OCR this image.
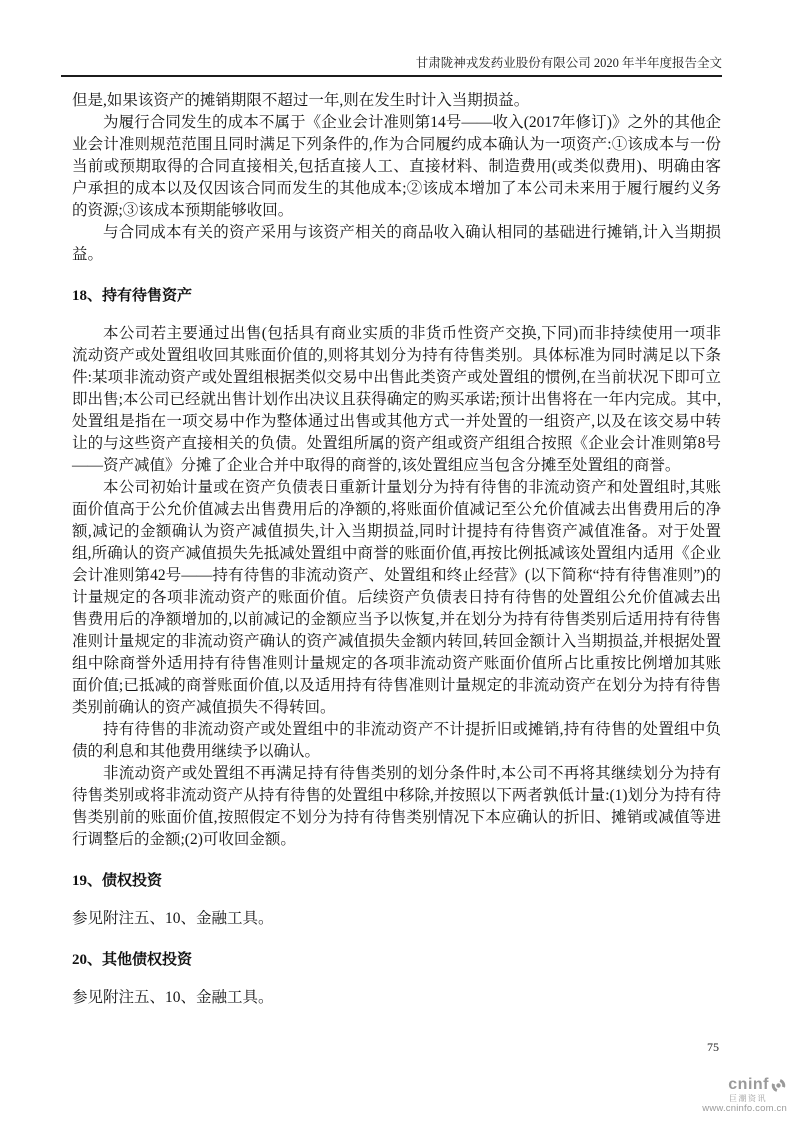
甘肃陇神戎发药业股份有限公司 2020 年半年度报告全文

但是,如果该资产的摊销期限不超过一年,则在发生时计入当期损益。

为履行合同发生的成本不属于《企业会计准则第14号——收入(2017年修订)》之外的其他企业会计准则规范范围且同时满足下列条件的,作为合同履约成本确认为一项资产:①该成本与一份当前或预期取得的合同直接相关,包括直接人工、直接材料、制造费用(或类似费用)、明确由客户承担的成本以及仅因该合同而发生的其他成本;②该成本增加了本公司未来用于履行履约义务的资源;③该成本预期能够收回。

与合同成本有关的资产采用与该资产相关的商品收入确认相同的基础进行摊销,计入当期损益。

18、持有待售资产

本公司若主要通过出售(包括具有商业实质的非货币性资产交换,下同)而非持续使用一项非流动资产或处置组收回其账面价值的,则将其划分为持有待售类别。具体标准为同时满足以下条件:某项非流动资产或处置组根据类似交易中出售此类资产或处置组的惯例,在当前状况下即可立即出售;本公司已经就出售计划作出决议且获得确定的购买承诺;预计出售将在一年内完成。其中,处置组是指在一项交易中作为整体通过出售或其他方式一并处置的一组资产,以及在该交易中转让的与这些资产直接相关的负债。处置组所属的资产组或资产组组合按照《企业会计准则第8号——资产减值》分摊了企业合并中取得的商誉的,该处置组应当包含分摊至处置组的商誉。

本公司初始计量或在资产负债表日重新计量划分为持有待售的非流动资产和处置组时,其账面价值高于公允价值减去出售费用后的净额的,将账面价值减记至公允价值减去出售费用后的净额,减记的金额确认为资产减值损失,计入当期损益,同时计提持有待售资产减值准备。对于处置组,所确认的资产减值损失先抵减处置组中商誉的账面价值,再按比例抵减该处置组内适用《企业会计准则第42号——持有待售的非流动资产、处置组和终止经营》(以下简称“持有待售准则”)的计量规定的各项非流动资产的账面价值。后续资产负债表日持有待售的处置组公允价值减去出售费用后的净额增加的,以前减记的金额应当予以恢复,并在划分为持有待售类别后适用持有待售准则计量规定的非流动资产确认的资产减值损失金额内转回,转回金额计入当期损益,并根据处置组中除商誉外适用持有待售准则计量规定的各项非流动资产账面价值所占比重按比例增加其账面价值;已抵减的商誉账面价值,以及适用持有待售准则计量规定的非流动资产在划分为持有待售类别前确认的资产减值损失不得转回。

持有待售的非流动资产或处置组中的非流动资产不计提折旧或摊销,持有待售的处置组中负债的利息和其他费用继续予以确认。

非流动资产或处置组不再满足持有待售类别的划分条件时,本公司不再将其继续划分为持有待售类别或将非流动资产从持有待售的处置组中移除,并按照以下两者孰低计量:(1)划分为持有待售类别前的账面价值,按照假定不划分为持有待售类别情况下本应确认的折旧、摊销或减值等进行调整后的金额;(2)可收回金额。

19、债权投资

参见附注五、10、金融工具。

20、其他债权投资

参见附注五、10、金融工具。

75
cninf
巨潮资讯
www.cninfo.com.cn
